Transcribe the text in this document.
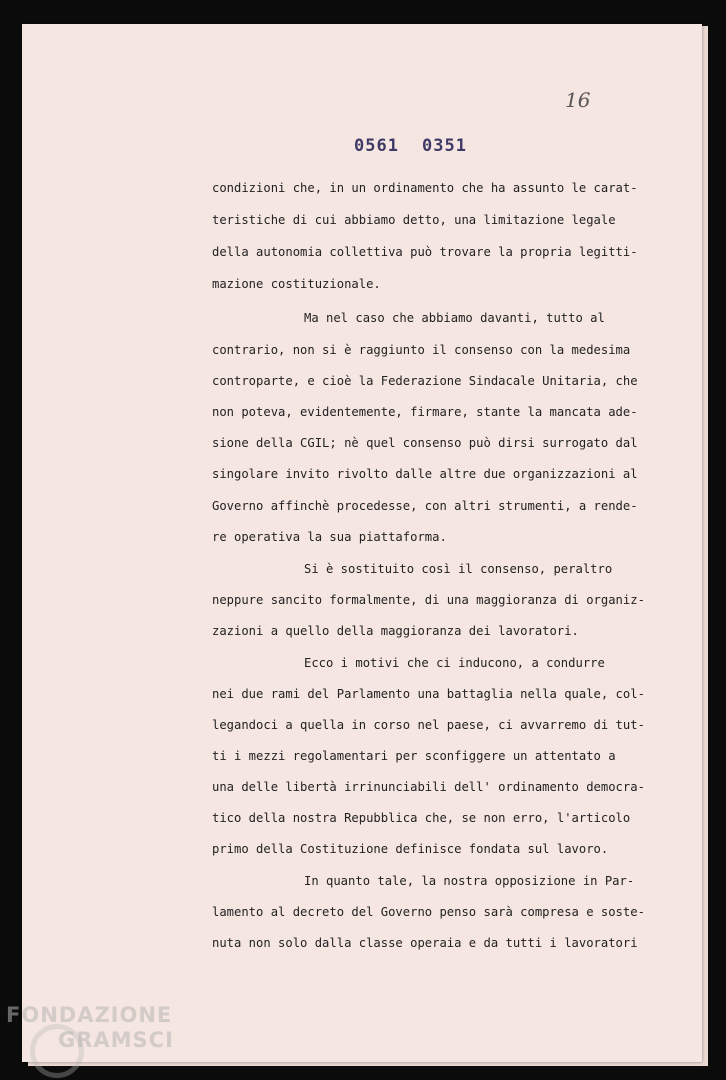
16
0561 0351
condizioni che, in un ordinamento che ha assunto le carat-
teristiche di cui abbiamo detto, una limitazione legale
della autonomia collettiva può trovare la propria legitti-
mazione costituzionale.
Ma nel caso che abbiamo davanti, tutto al
contrario, non si è raggiunto il consenso con la medesima
controparte, e cioè la Federazione Sindacale Unitaria, che
non poteva, evidentemente, firmare, stante la mancata ade-
sione della CGIL; nè quel consenso può dirsi surrogato dal
singolare invito rivolto dalle altre due organizzazioni al
Governo affinchè procedesse, con altri strumenti, a rende-
re operativa la sua piattaforma.
Si è sostituito così il consenso, peraltro
neppure sancito formalmente, di una maggioranza di organiz-
zazioni a quello della maggioranza dei lavoratori.
Ecco i motivi che ci inducono, a condurre
nei due rami del Parlamento una battaglia nella quale, col-
legandoci a quella in corso nel paese, ci avvarremo di tut-
ti i mezzi regolamentari per sconfiggere un attentato a
una delle libertà irrinunciabili dell' ordinamento democra-
tico della nostra Repubblica che, se non erro, l'articolo
primo della Costituzione definisce fondata sul lavoro.
In quanto tale, la nostra opposizione in Par-
lamento al decreto del Governo penso sarà compresa e soste-
nuta non solo dalla classe operaia e da tutti i lavoratori
FONDAZIONE
GRAMSCI
